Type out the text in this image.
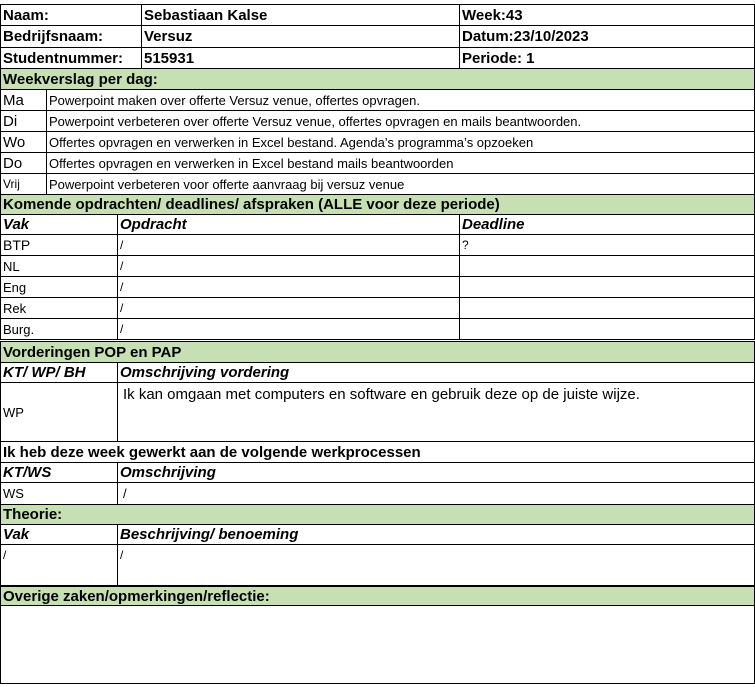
Naam:	Sebastiaan Kalse	Week:43
Bedrijfsnaam:	Versuz	Datum:23/10/2023
Studentnummer:	515931	Periode: 1
Weekverslag per dag:	
Ma	Powerpoint maken over offerte Versuz venue, offertes opvragen.
Di	Powerpoint verbeteren over offerte Versuz venue, offertes opvragen en mails beantwoorden.
Wo	Offertes opvragen en verwerken in Excel bestand. Agenda’s programma’s opzoeken
Do	Offertes opvragen en verwerken in Excel bestand mails beantwoorden
Vrij	Powerpoint verbeteren voor offerte aanvraag bij versuz venue
Komende opdrachten/ deadlines/ afspraken (ALLE voor deze periode)		
Vak	Opdracht	Deadline
BTP	/	?
NL	/	
Eng	/	
Rek	/	
Burg.	/	
Vorderingen POP en PAP	
KT/ WP/ BH	Omschrijving vordering
WP	Ik kan omgaan met computers en software en gebruik deze op de juiste wijze.
Ik heb deze week gewerkt aan de volgende werkprocessen	
KT/WS	Omschrijving
WS	/
Theorie:	
Vak	Beschrijving/ benoeming
/	/
Overige zaken/opmerkingen/reflectie:
